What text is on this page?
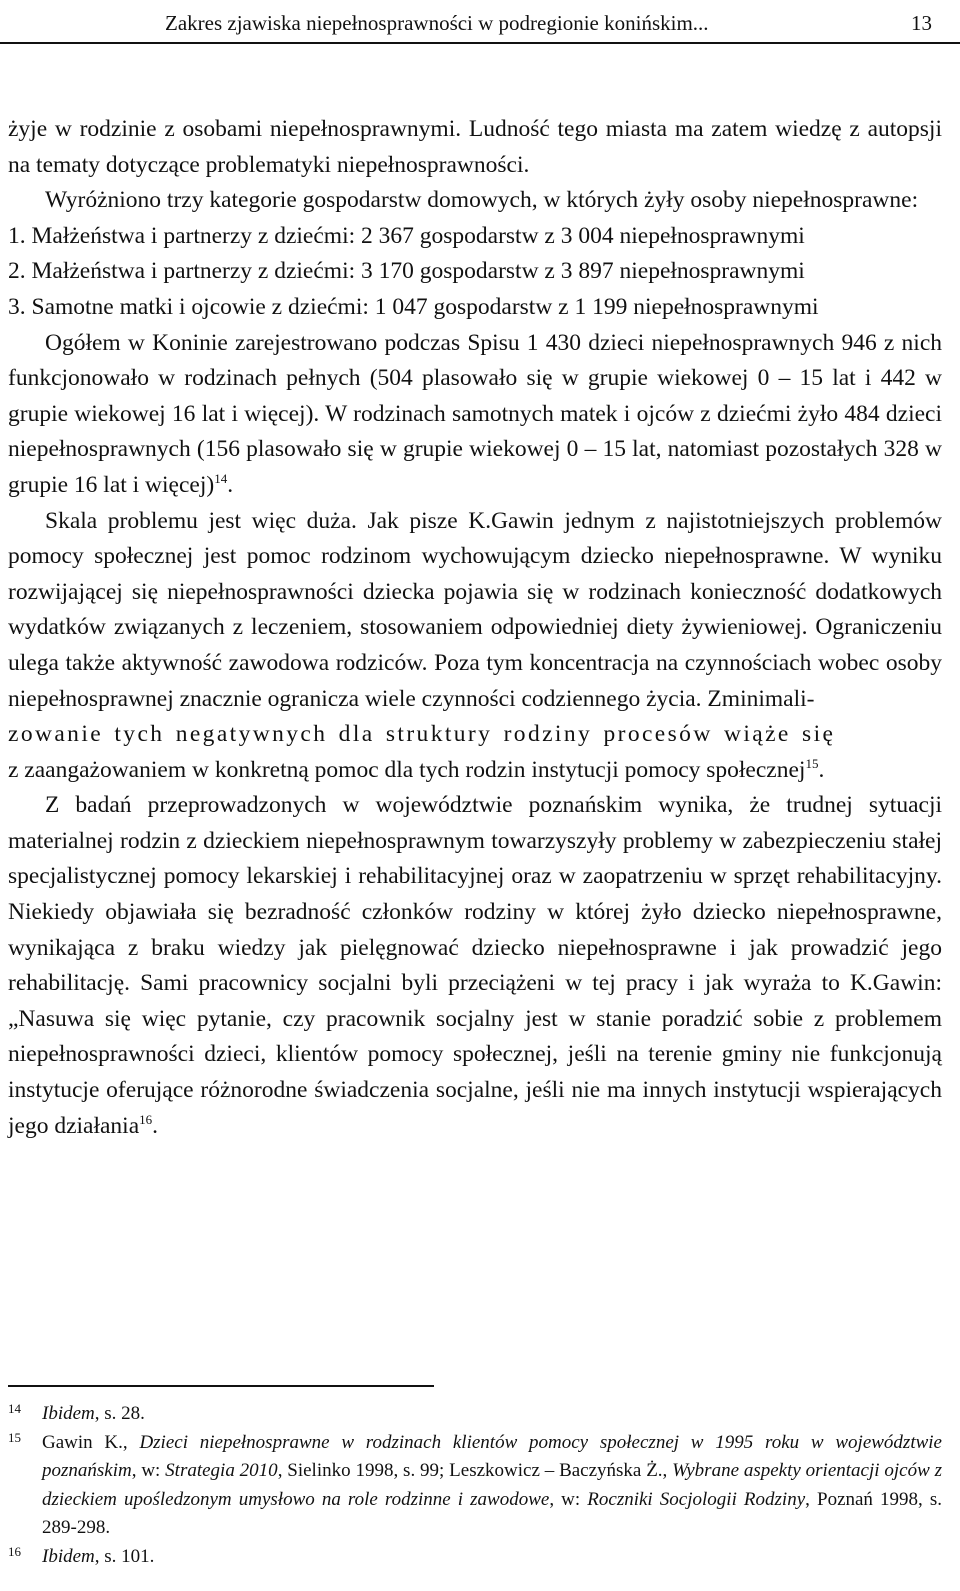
Zakres zjawiska niepełnosprawności w podregionie konińskim...	13

żyje w rodzinie z osobami niepełnosprawnymi. Ludność tego miasta ma zatem wiedzę z autopsji na tematy dotyczące problematyki niepełnosprawności.

Wyróżniono trzy kategorie gospodarstw domowych, w których żyły osoby niepełnosprawne:

1. Małżeństwa i partnerzy z dziećmi: 2 367 gospodarstw z 3 004 niepełnosprawnymi

2. Małżeństwa i partnerzy z dziećmi: 3 170 gospodarstw z 3 897 niepełnosprawnymi

3. Samotne matki i ojcowie z dziećmi: 1 047 gospodarstw z 1 199 niepełnosprawnymi

Ogółem w Koninie zarejestrowano podczas Spisu 1 430 dzieci niepełnosprawnych 946 z nich funkcjonowało w rodzinach pełnych (504 plasowało się w grupie wiekowej 0 – 15 lat i 442 w grupie wiekowej 16 lat i więcej). W rodzinach samotnych matek i ojców z dziećmi żyło 484 dzieci niepełnosprawnych (156 plasowało się w grupie wiekowej 0 – 15 lat, natomiast pozostałych 328 w grupie 16 lat i więcej)$^{14}$.

Skala problemu jest więc duża. Jak pisze K.Gawin jednym z najistotniejszych problemów pomocy społecznej jest pomoc rodzinom wychowującym dziecko niepełnosprawne. W wyniku rozwijającej się niepełnosprawności dziecka pojawia się w rodzinach konieczność dodatkowych wydatków związanych z leczeniem, stosowaniem odpowiedniej diety żywieniowej. Ograniczeniu ulega także aktywność zawodowa rodziców. Poza tym koncentracja na czynnościach wobec osoby niepełnosprawnej znacznie ogranicza wiele czynności codziennego życia. Zminimali-
zowanie tych negatywnych dla struktury rodziny procesów wiąże się
z zaangażowaniem w konkretną pomoc dla tych rodzin instytucji pomocy społecznej$^{15}$.

Z badań przeprowadzonych w województwie poznańskim wynika, że trudnej sytuacji materialnej rodzin z dzieckiem niepełnosprawnym towarzyszyły problemy w zabezpieczeniu stałej specjalistycznej pomocy lekarskiej i rehabilitacyjnej oraz w zaopatrzeniu w sprzęt rehabilitacyjny. Niekiedy objawiała się bezradność członków rodziny w której żyło dziecko niepełnosprawne, wynikająca z braku wiedzy jak pielęgnować dziecko niepełnosprawne i jak prowadzić jego rehabilitację. Sami pracownicy socjalni byli przeciążeni w tej pracy i jak wyraża to K.Gawin: „Nasuwa się więc pytanie, czy pracownik socjalny jest w stanie poradzić sobie z problemem niepełnosprawności dzieci, klientów pomocy społecznej, jeśli na terenie gminy nie funkcjonują instytucje oferujące różnorodne świadczenia socjalne, jeśli nie ma innych instytucji wspierających jego działania$^{16}$.

14 Ibidem, s. 28.
15 Gawin K., Dzieci niepełnosprawne w rodzinach klientów pomocy społecznej w 1995 roku w województwie poznańskim, w: Strategia 2010, Sielinko 1998, s. 99; Leszkowicz – Baczyńska Ż., Wybrane aspekty orientacji ojców z dzieckiem upośledzonym umysłowo na role rodzinne i zawodowe, w: Roczniki Socjologii Rodziny, Poznań 1998, s. 289-298.
16 Ibidem, s. 101.
